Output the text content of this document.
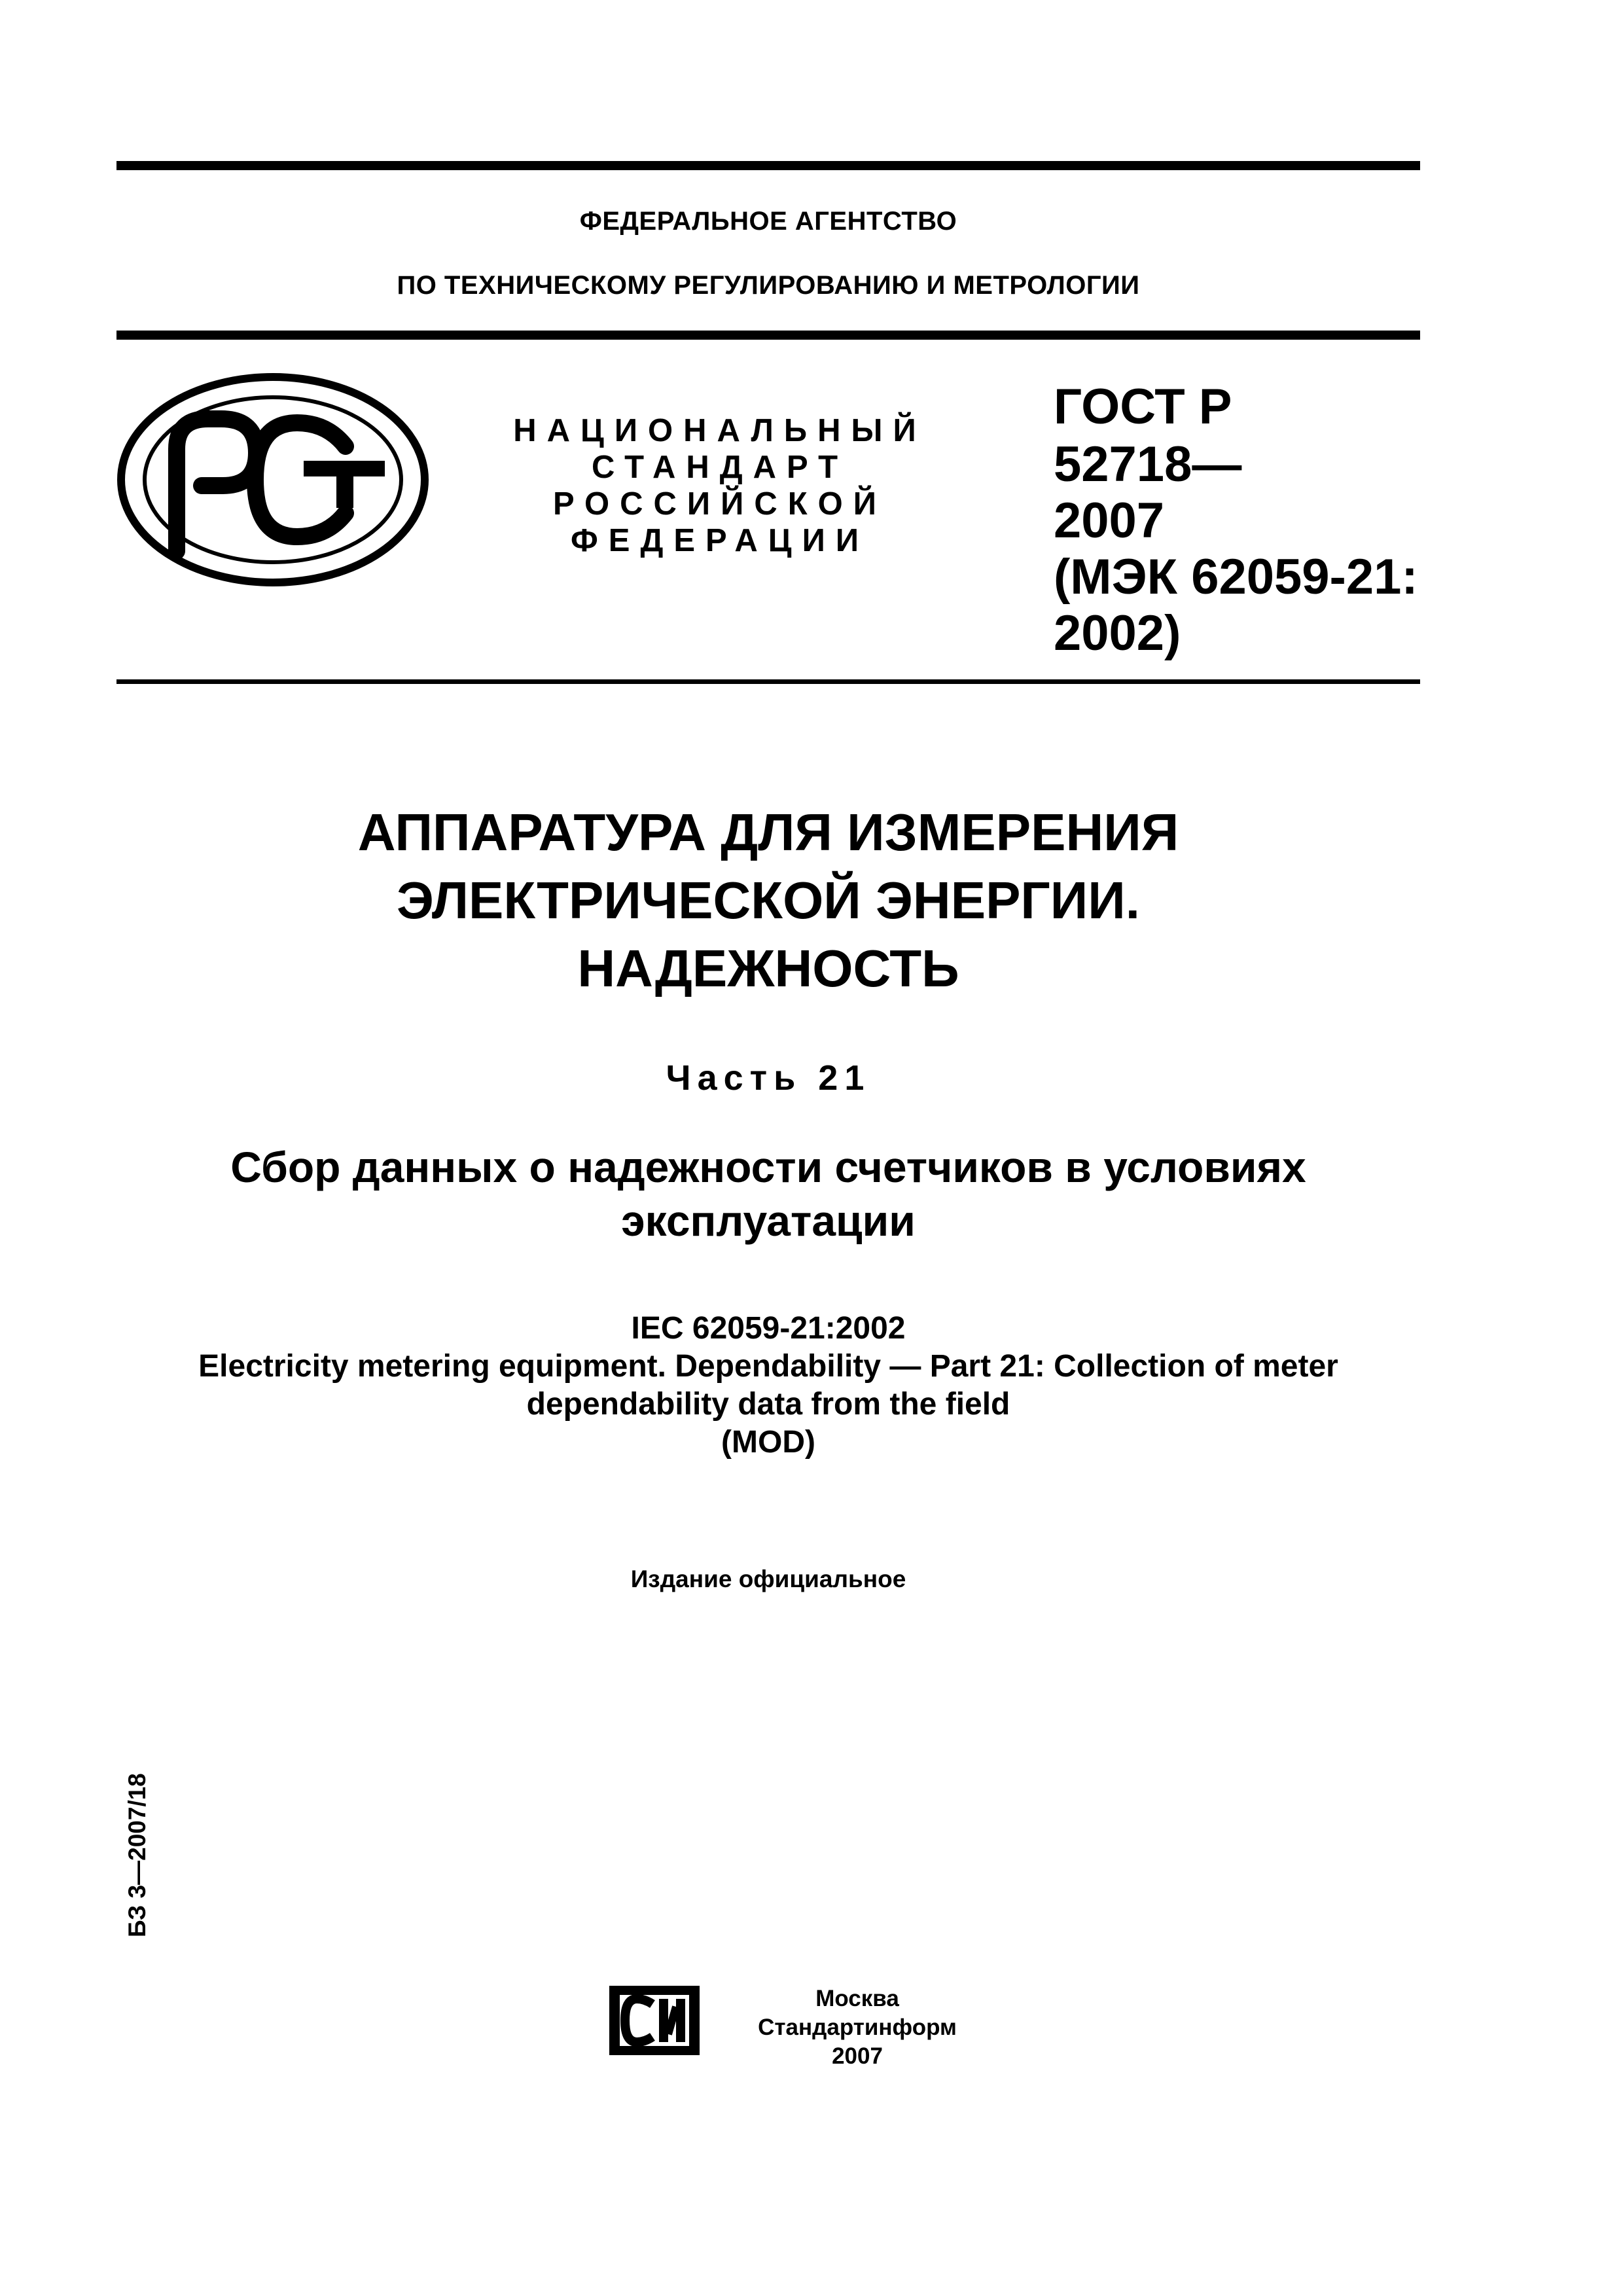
ФЕДЕРАЛЬНОЕ АГЕНТСТВО
ПО ТЕХНИЧЕСКОМУ РЕГУЛИРОВАНИЮ И МЕТРОЛОГИИ
НАЦИОНАЛЬНЫЙ
СТАНДАРТ
РОССИЙСКОЙ
ФЕДЕРАЦИИ
ГОСТ Р
52718—
2007
(МЭК 62059-21:
2002)
АППАРАТУРА ДЛЯ ИЗМЕРЕНИЯ
ЭЛЕКТРИЧЕСКОЙ ЭНЕРГИИ.
НАДЕЖНОСТЬ
Часть 21
Сбор данных о надежности счетчиков в условиях
эксплуатации
IEC 62059-21:2002
Electricity metering equipment. Dependability — Part 21: Collection of meter
dependability data from the field
(MOD)
Издание официальное
БЗ 3—2007/18
Москва
Стандартинформ
2007
